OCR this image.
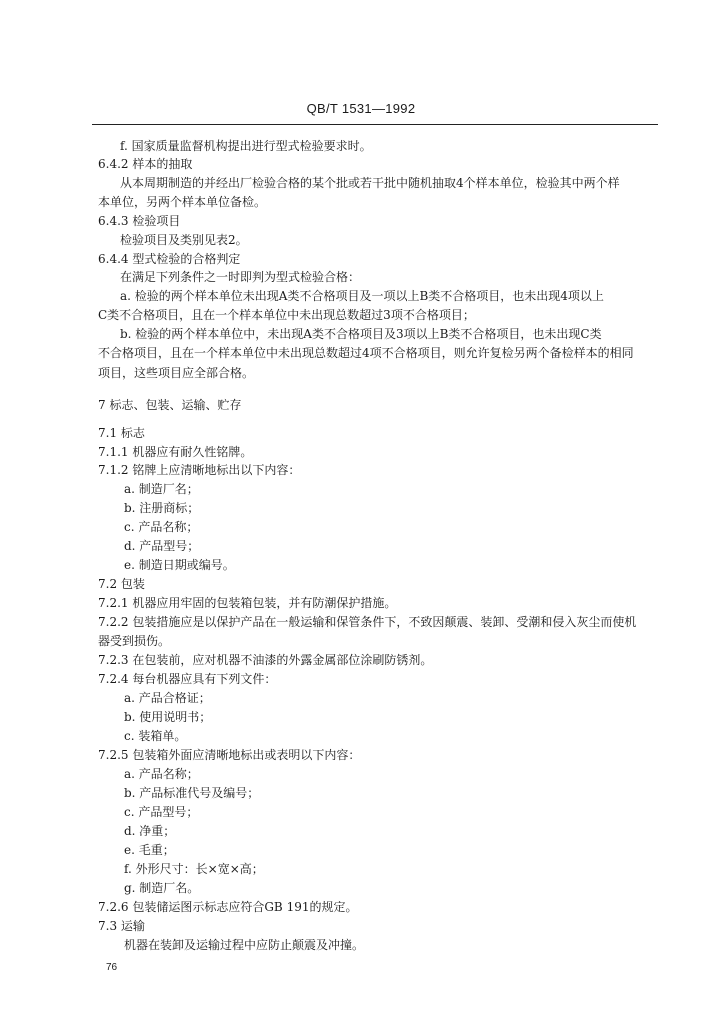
QB/T 1531—1992
f. 国家质量监督机构提出进行型式检验要求时。
6.4.2 样本的抽取
从本周期制造的并经出厂检验合格的某个批或若干批中随机抽取4个样本单位，检验其中两个样
本单位，另两个样本单位备检。
6.4.3 检验项目
检验项目及类别见表2。
6.4.4 型式检验的合格判定
在满足下列条件之一时即判为型式检验合格：
a. 检验的两个样本单位未出现A类不合格项目及一项以上B类不合格项目，也未出现4项以上
C类不合格项目，且在一个样本单位中未出现总数超过3项不合格项目；
b. 检验的两个样本单位中，未出现A类不合格项目及3项以上B类不合格项目，也未出现C类
不合格项目，且在一个样本单位中未出现总数超过4项不合格项目，则允许复检另两个备检样本的相同
项目，这些项目应全部合格。
7 标志、包装、运输、贮存
7.1 标志
7.1.1 机器应有耐久性铭牌。
7.1.2 铭牌上应清晰地标出以下内容：
a. 制造厂名；
b. 注册商标；
c. 产品名称；
d. 产品型号；
e. 制造日期或编号。
7.2 包装
7.2.1 机器应用牢固的包装箱包装，并有防潮保护措施。
7.2.2 包装措施应是以保护产品在一般运输和保管条件下，不致因颠震、装卸、受潮和侵入灰尘而使机
器受到损伤。
7.2.3 在包装前，应对机器不油漆的外露金属部位涂刷防锈剂。
7.2.4 每台机器应具有下列文件：
a. 产品合格证；
b. 使用说明书；
c. 装箱单。
7.2.5 包装箱外面应清晰地标出或表明以下内容：
a. 产品名称；
b. 产品标准代号及编号；
c. 产品型号；
d. 净重；
e. 毛重；
f. 外形尺寸：长×宽×高；
g. 制造厂名。
7.2.6 包装储运图示标志应符合GB 191的规定。
7.3 运输
机器在装卸及运输过程中应防止颠震及冲撞。
76
